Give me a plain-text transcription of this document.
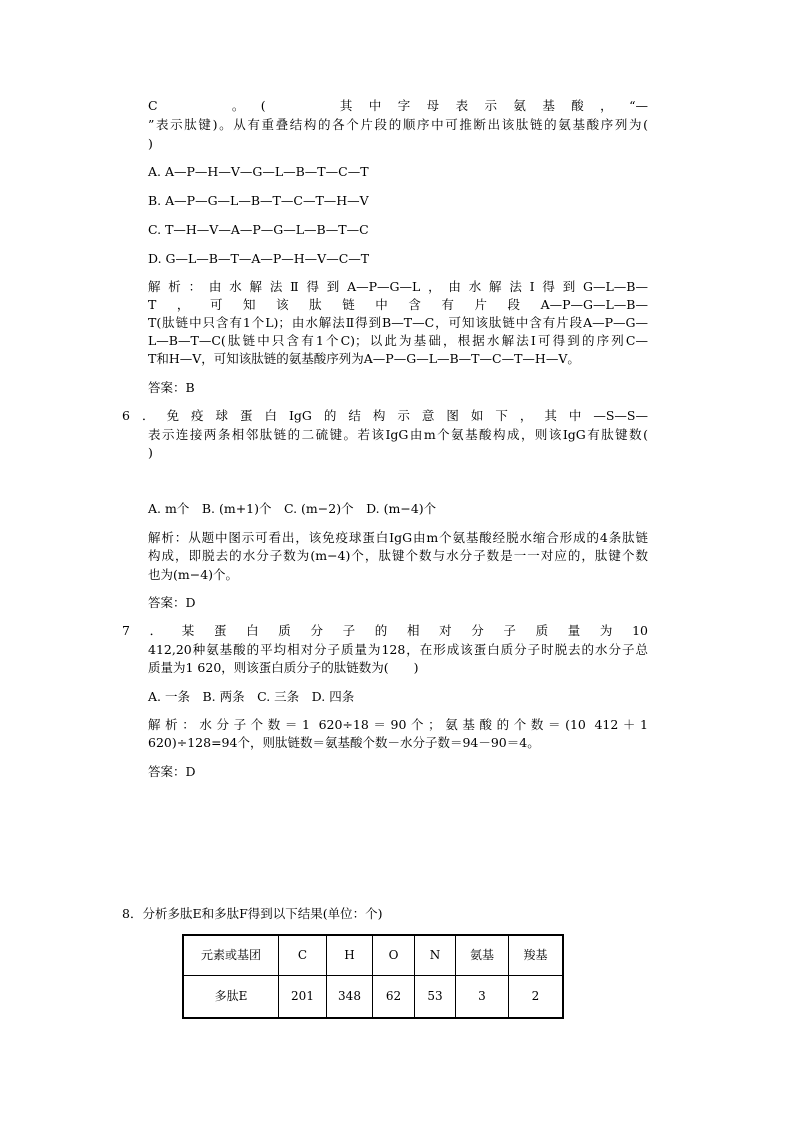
C　　。(　　其中字母表示氨基酸，“—
”表示肽键)。从有重叠结构的各个片段的顺序中可推断出该肽链的氨基酸序列为(
)
A. A—P—H—V—G—L—B—T—C—T
B. A—P—G—L—B—T—C—T—H—V
C. T—H—V—A—P—G—L—B—T—C
D. G—L—B—T—A—P—H—V—C—T
解析：由水解法Ⅱ得到A—P—G—L，由水解法Ⅰ得到G—L—B—
T，可知该肽链中含有片段A—P—G—L—B—
T(肽链中只含有1个L)；由水解法Ⅱ得到B—T—C，可知该肽链中含有片段A—P—G—
L—B—T—C(肽链中只含有1个C)；以此为基础，根据水解法Ⅰ可得到的序列C—
T和H—V，可知该肽链的氨基酸序列为A—P—G—L—B—T—C—T—H—V。
答案：B
6．免疫球蛋白IgG的结构示意图如下，其中—S—S—
表示连接两条相邻肽链的二硫键。若该IgG由m个氨基酸构成，则该IgG有肽键数(
)
A. m个　B. (m+1)个　C. (m−2)个　D. (m−4)个
解析：从题中图示可看出，该免疫球蛋白IgG由m个氨基酸经脱水缩合形成的4条肽链
构成，即脱去的水分子数为(m−4)个，肽键个数与水分子数是一一对应的，肽键个数
也为(m−4)个。
答案：D
7．某蛋白质分子的相对分子质量为10
412,20种氨基酸的平均相对分子质量为128，在形成该蛋白质分子时脱去的水分子总
质量为1 620，则该蛋白质分子的肽链数为(　　)
A. 一条　B. 两条　C. 三条　D. 四条
解析：水分子个数＝1 620÷18＝90个；氨基酸的个数＝(10 412＋1
620)÷128=94个，则肽链数＝氨基酸个数－水分子数＝94－90＝4。
答案：D
8．分析多肽E和多肽F得到以下结果(单位：个)
元素或基团	C	H	O	N	氨基	羧基
多肽E	201	348	62	53	3	2
